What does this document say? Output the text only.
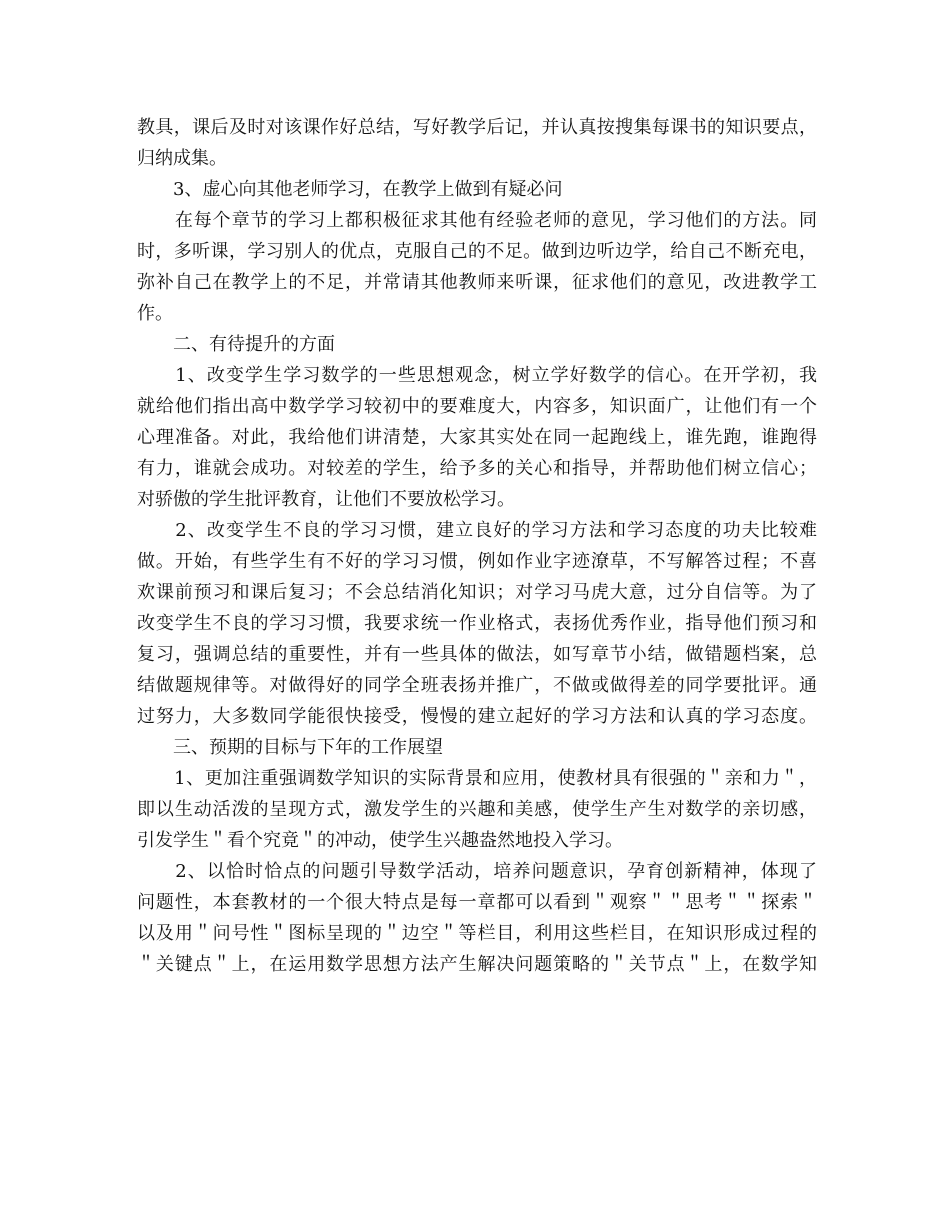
教具，课后及时对该课作好总结，写好教学后记，并认真按搜集每课书的知识要点，
归纳成集。
　　3、虚心向其他老师学习，在教学上做到有疑必问
　　在每个章节的学习上都积极征求其他有经验老师的意见，学习他们的方法。同
时，多听课，学习别人的优点，克服自己的不足。做到边听边学，给自己不断充电，
弥补自己在教学上的不足，并常请其他教师来听课，征求他们的意见，改进教学工
作。
　　二、有待提升的方面
　　1、改变学生学习数学的一些思想观念，树立学好数学的信心。在开学初，我
就给他们指出高中数学学习较初中的要难度大，内容多，知识面广，让他们有一个
心理准备。对此，我给他们讲清楚，大家其实处在同一起跑线上，谁先跑，谁跑得
有力，谁就会成功。对较差的学生，给予多的关心和指导，并帮助他们树立信心；
对骄傲的学生批评教育，让他们不要放松学习。
　　2、改变学生不良的学习习惯，建立良好的学习方法和学习态度的功夫比较难
做。开始，有些学生有不好的学习习惯，例如作业字迹潦草，不写解答过程；不喜
欢课前预习和课后复习；不会总结消化知识；对学习马虎大意，过分自信等。为了
改变学生不良的学习习惯，我要求统一作业格式，表扬优秀作业，指导他们预习和
复习，强调总结的重要性，并有一些具体的做法，如写章节小结，做错题档案，总
结做题规律等。对做得好的同学全班表扬并推广，不做或做得差的同学要批评。通
过努力，大多数同学能很快接受，慢慢的建立起好的学习方法和认真的学习态度。
　　三、预期的目标与下年的工作展望
　　1、更加注重强调数学知识的实际背景和应用，使教材具有很强的＂亲和力＂，
即以生动活泼的呈现方式，激发学生的兴趣和美感，使学生产生对数学的亲切感，
引发学生＂看个究竟＂的冲动，使学生兴趣盎然地投入学习。
　　2、以恰时恰点的问题引导数学活动，培养问题意识，孕育创新精神，体现了
问题性，本套教材的一个很大特点是每一章都可以看到＂观察＂＂思考＂＂探索＂
以及用＂问号性＂图标呈现的＂边空＂等栏目，利用这些栏目，在知识形成过程的
＂关键点＂上，在运用数学思想方法产生解决问题策略的＂关节点＂上，在数学知
